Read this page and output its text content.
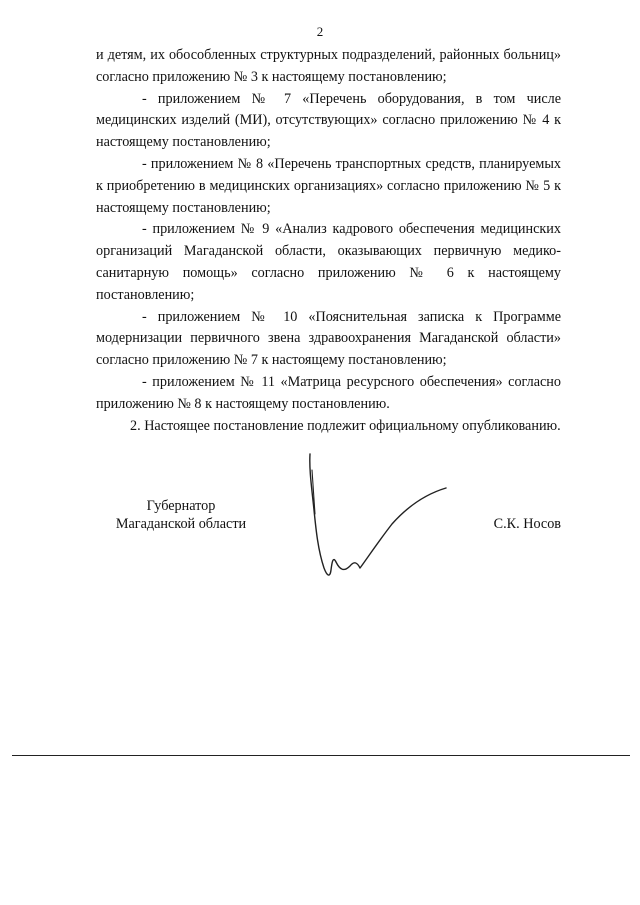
2

и детям, их обособленных структурных подразделений, районных больниц» согласно приложению № 3 к настоящему постановлению;

- приложением № 7 «Перечень оборудования, в том числе медицинских изделий (МИ), отсутствующих» согласно приложению № 4 к настоящему постановлению;

- приложением № 8 «Перечень транспортных средств, планируемых к приобретению в медицинских организациях» согласно приложению № 5 к настоящему постановлению;

- приложением № 9 «Анализ кадрового обеспечения медицинских организаций Магаданской области, оказывающих первичную медико-санитарную помощь» согласно приложению № 6 к настоящему постановлению;

- приложением № 10 «Пояснительная записка к Программе модернизации первичного звена здравоохранения Магаданской области» согласно приложению № 7 к настоящему постановлению;

- приложением № 11 «Матрица ресурсного обеспечения» согласно приложению № 8 к настоящему постановлению.

2. Настоящее постановление подлежит официальному опубликованию.

Губернатор
Магаданской области	С.К. Носов
